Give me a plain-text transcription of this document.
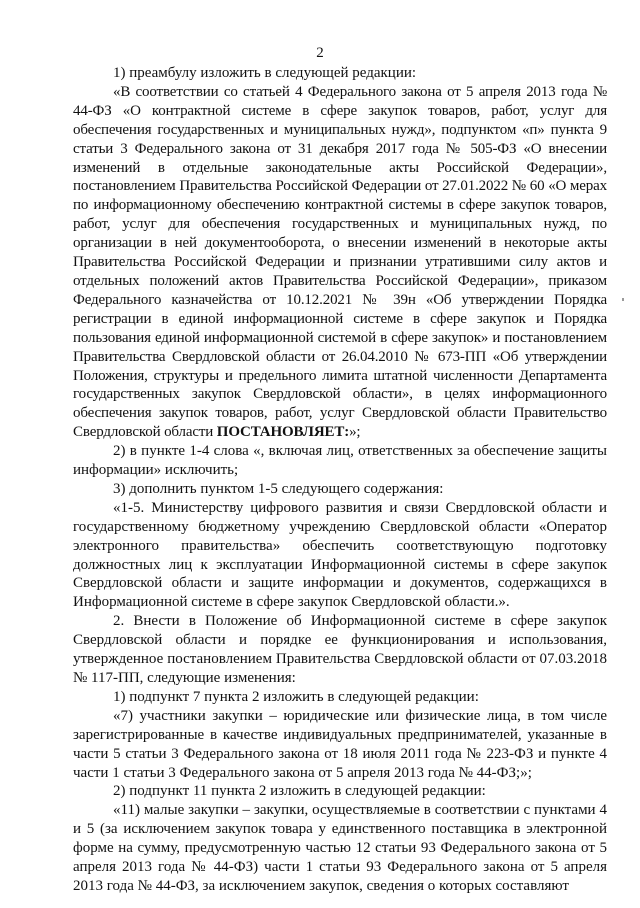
2

1) преамбулу изложить в следующей редакции:

«В соответствии со статьей 4 Федерального закона от 5 апреля 2013 года № 44-ФЗ «О контрактной системе в сфере закупок товаров, работ, услуг для обеспечения государственных и муниципальных нужд», подпунктом «п» пункта 9 статьи 3 Федерального закона от 31 декабря 2017 года № 505-ФЗ «О внесении изменений в отдельные законодательные акты Российской Федерации», постановлением Правительства Российской Федерации от 27.01.2022 № 60 «О мерах по информационному обеспечению контрактной системы в сфере закупок товаров, работ, услуг для обеспечения государственных и муниципальных нужд, по организации в ней документооборота, о внесении изменений в некоторые акты Правительства Российской Федерации и признании утратившими силу актов и отдельных положений актов Правительства Российской Федерации», приказом Федерального казначейства от 10.12.2021 № 39н «Об утверждении Порядка регистрации в единой информационной системе в сфере закупок и Порядка пользования единой информационной системой в сфере закупок» и постановлением Правительства Свердловской области от 26.04.2010 № 673-ПП «Об утверждении Положения, структуры и предельного лимита штатной численности Департамента государственных закупок Свердловской области», в целях информационного обеспечения закупок товаров, работ, услуг Свердловской области Правительство Свердловской области ПОСТАНОВЛЯЕТ:»;

2) в пункте 1-4 слова «, включая лиц, ответственных за обеспечение защиты информации» исключить;

3) дополнить пунктом 1-5 следующего содержания:

«1-5. Министерству цифрового развития и связи Свердловской области и государственному бюджетному учреждению Свердловской области «Оператор электронного правительства» обеспечить соответствующую подготовку должностных лиц к эксплуатации Информационной системы в сфере закупок Свердловской области и защите информации и документов, содержащихся в Информационной системе в сфере закупок Свердловской области.».

2. Внести в Положение об Информационной системе в сфере закупок Свердловской области и порядке ее функционирования и использования, утвержденное постановлением Правительства Свердловской области от 07.03.2018 № 117-ПП, следующие изменения:

1) подпункт 7 пункта 2 изложить в следующей редакции:

«7) участники закупки – юридические или физические лица, в том числе зарегистрированные в качестве индивидуальных предпринимателей, указанные в части 5 статьи 3 Федерального закона от 18 июля 2011 года № 223-ФЗ и пункте 4 части 1 статьи 3 Федерального закона от 5 апреля 2013 года № 44-ФЗ;»;

2) подпункт 11 пункта 2 изложить в следующей редакции:

«11) малые закупки – закупки, осуществляемые в соответствии с пунктами 4 и 5 (за исключением закупок товара у единственного поставщика в электронной форме на сумму, предусмотренную частью 12 статьи 93 Федерального закона от 5 апреля 2013 года № 44-ФЗ) части 1 статьи 93 Федерального закона от 5 апреля 2013 года № 44-ФЗ, за исключением закупок, сведения о которых составляют
